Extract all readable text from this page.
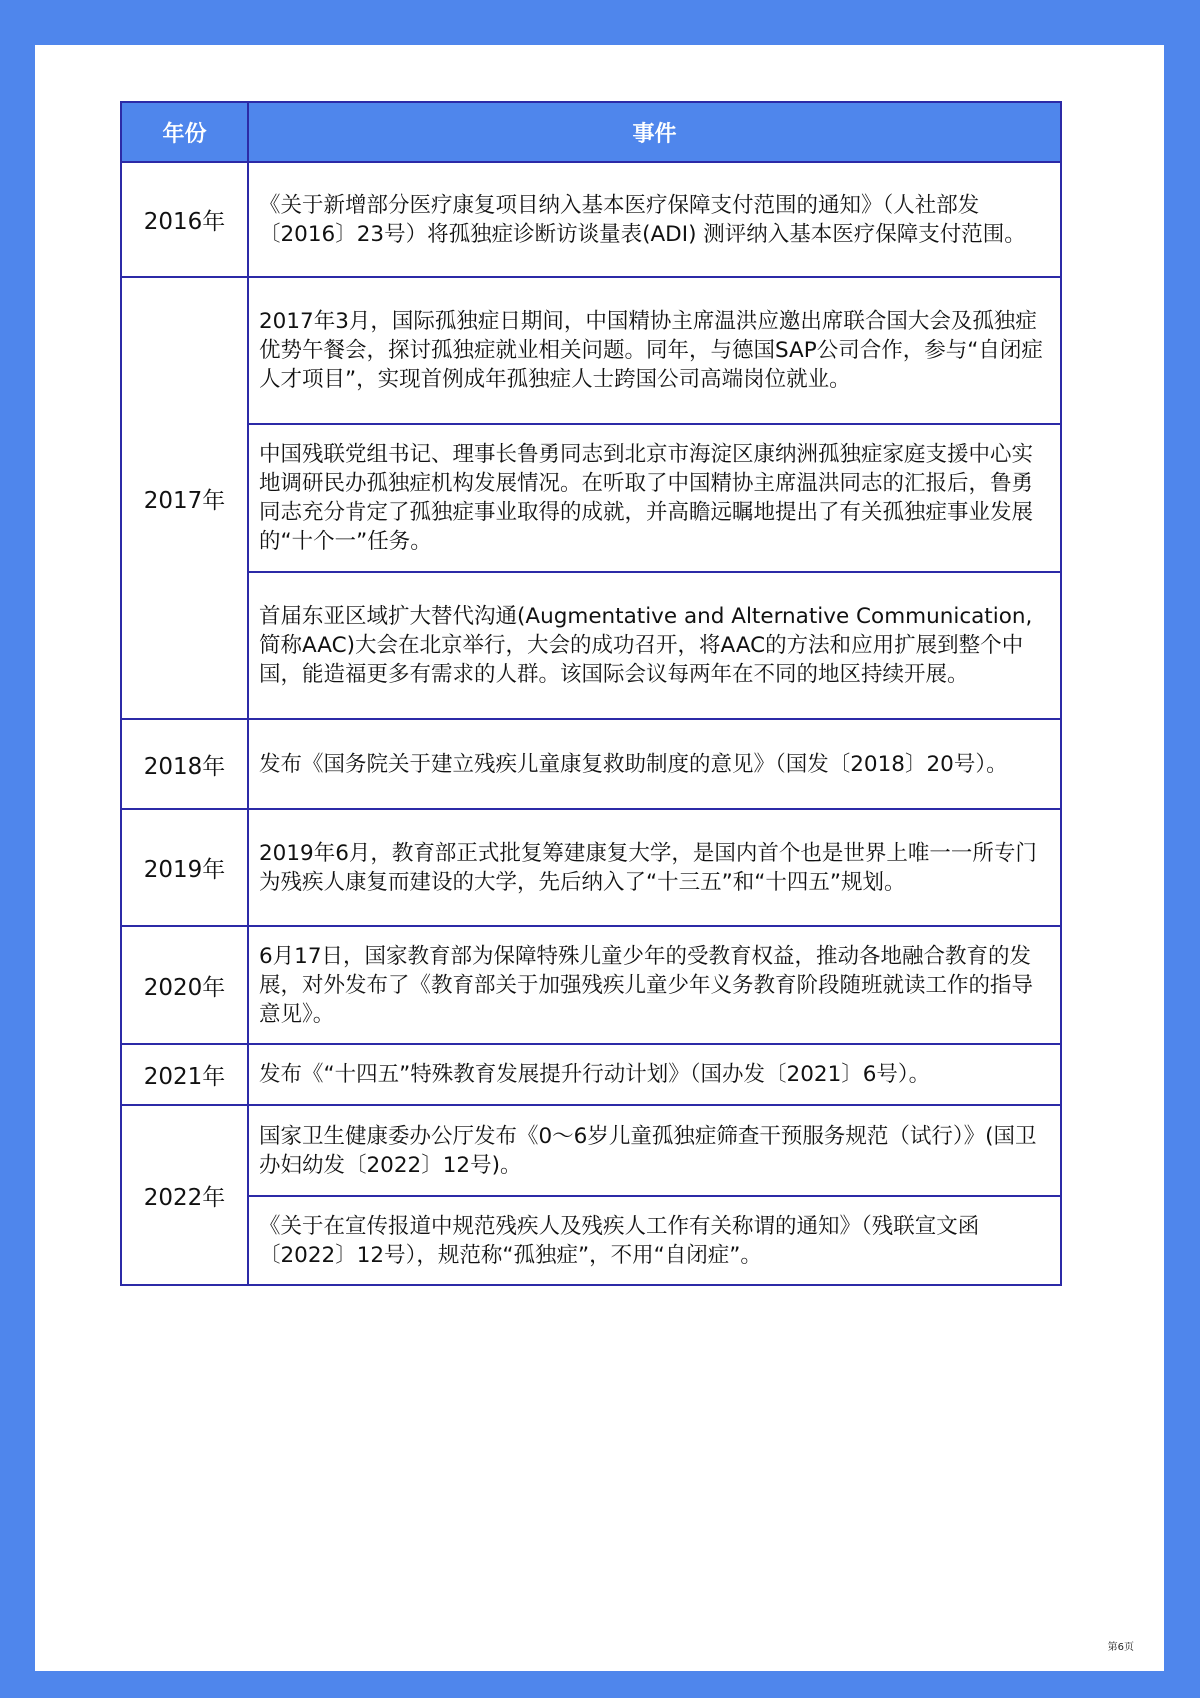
年份	事件
2016年	《关于新增部分医疗康复项目纳入基本医疗保障支付范围的通知》（人社部发〔2016〕23号）将孤独症诊断访谈量表(ADI) 测评纳入基本医疗保障支付范围。
2017年	2017年3月，国际孤独症日期间，中国精协主席温洪应邀出席联合国大会及孤独症优势午餐会，探讨孤独症就业相关问题。同年，与德国SAP公司合作，参与“自闭症人才项目”，实现首例成年孤独症人士跨国公司高端岗位就业。
	中国残联党组书记、理事长鲁勇同志到北京市海淀区康纳洲孤独症家庭支援中心实地调研民办孤独症机构发展情况。在听取了中国精协主席温洪同志的汇报后，鲁勇同志充分肯定了孤独症事业取得的成就，并高瞻远瞩地提出了有关孤独症事业发展的“十个一”任务。
	首届东亚区域扩大替代沟通(Augmentative and Alternative Communication, 简称AAC)大会在北京举行，大会的成功召开，将AAC的方法和应用扩展到整个中国，能造福更多有需求的人群。该国际会议每两年在不同的地区持续开展。
2018年	发布《国务院关于建立残疾儿童康复救助制度的意见》（国发〔2018〕20号）。
2019年	2019年6月，教育部正式批复筹建康复大学，是国内首个也是世界上唯一一所专门为残疾人康复而建设的大学，先后纳入了“十三五”和“十四五”规划。
2020年	6月17日，国家教育部为保障特殊儿童少年的受教育权益，推动各地融合教育的发展，对外发布了《教育部关于加强残疾儿童少年义务教育阶段随班就读工作的指导意见》。
2021年	发布《“十四五”特殊教育发展提升行动计划》（国办发〔2021〕6号）。
2022年	国家卫生健康委办公厅发布《0～6岁儿童孤独症筛查干预服务规范（试行）》(国卫办妇幼发〔2022〕12号)。
	《关于在宣传报道中规范残疾人及残疾人工作有关称谓的通知》（残联宣文函〔2022〕12号），规范称“孤独症”，不用“自闭症”。
第6页
